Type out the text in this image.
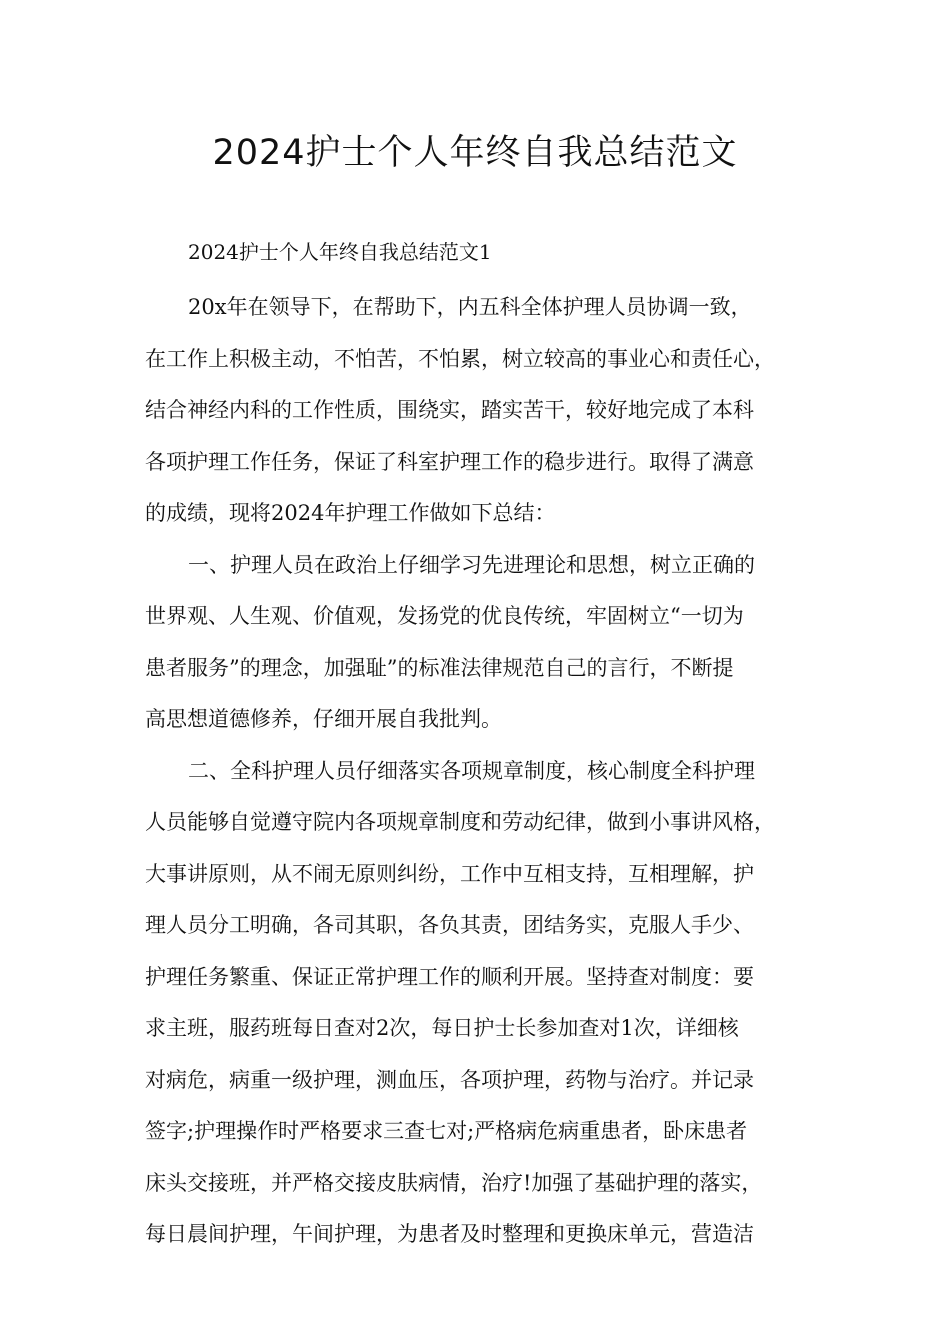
2024护士个人年终自我总结范文

2024护士个人年终自我总结范文1

20x年在领导下，在帮助下，内五科全体护理人员协调一致，

在工作上积极主动，不怕苦，不怕累，树立较高的事业心和责任心，

结合神经内科的工作性质，围绕实，踏实苦干，较好地完成了本科

各项护理工作任务，保证了科室护理工作的稳步进行。取得了满意

的成绩，现将2024年护理工作做如下总结：

一、护理人员在政治上仔细学习先进理论和思想，树立正确的

世界观、人生观、价值观，发扬党的优良传统，牢固树立“一切为

患者服务”的理念，加强耻”的标准法律规范自己的言行，不断提

高思想道德修养，仔细开展自我批判。

二、全科护理人员仔细落实各项规章制度，核心制度全科护理

人员能够自觉遵守院内各项规章制度和劳动纪律，做到小事讲风格，

大事讲原则，从不闹无原则纠纷，工作中互相支持，互相理解，护

理人员分工明确，各司其职，各负其责，团结务实，克服人手少、

护理任务繁重、保证正常护理工作的顺利开展。坚持查对制度：要

求主班，服药班每日查对2次，每日护士长参加查对1次，详细核

对病危，病重一级护理，测血压，各项护理，药物与治疗。并记录

签字;护理操作时严格要求三查七对;严格病危病重患者，卧床患者

床头交接班，并严格交接皮肤病情，治疗!加强了基础护理的落实，

每日晨间护理，午间护理，为患者及时整理和更换床单元，营造洁
